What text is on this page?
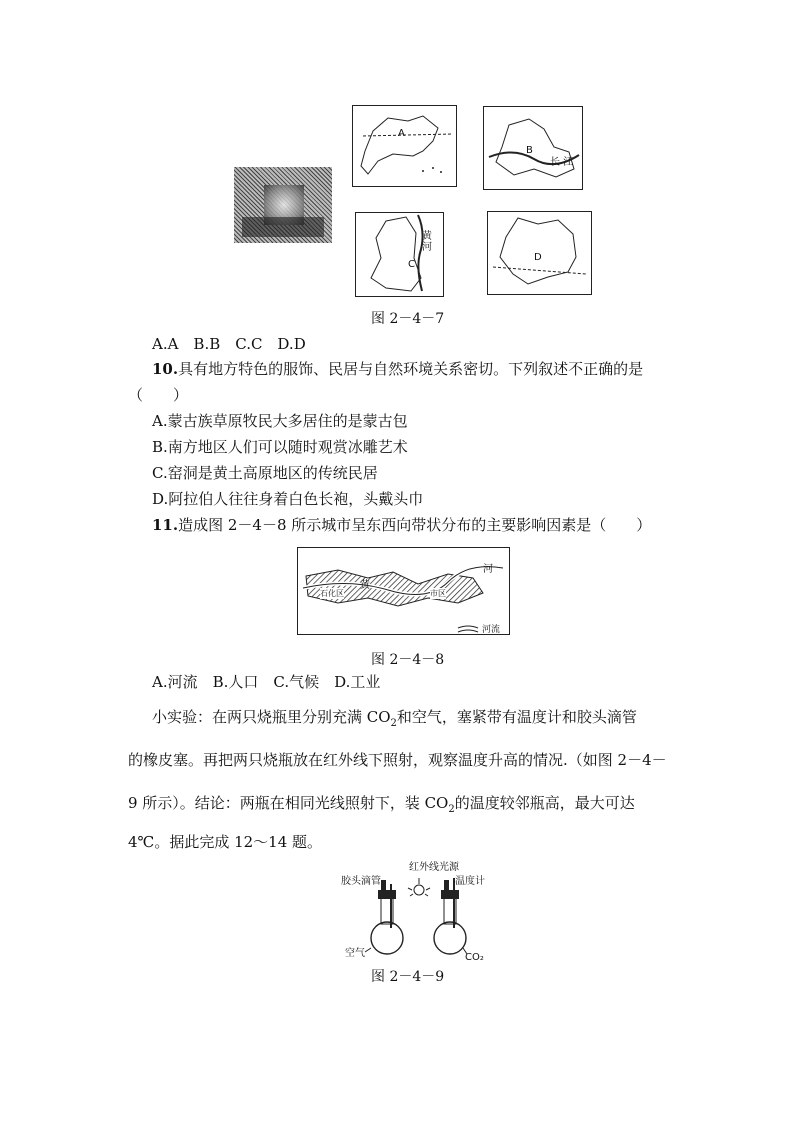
A
B
长 江
黄河
C
D
图 2－4－7
A.A　B.B　C.C　D.D
10.具有地方特色的服饰、民居与自然环境关系密切。下列叙述不正确的是
（　　）
A.蒙古族草原牧民大多居住的是蒙古包
B.南方地区人们可以随时观赏冰雕艺术
C.窑洞是黄土高原地区的传统民居
D.阿拉伯人往往身着白色长袍，头戴头巾
11.造成图 2－4－8 所示城市呈东西向带状分布的主要影响因素是（　　）
黄
河
石化区	市区
河流
图 2－4－8
A.河流　B.人口　C.气候　D.工业
小实验：在两只烧瓶里分别充满 $CO_2$和空气，塞紧带有温度计和胶头滴管
的橡皮塞。再把两只烧瓶放在红外线下照射，观察温度升高的情况.（如图 2－4－
9 所示）。结论：两瓶在相同光线照射下，装 $CO_2$的温度较邻瓶高，最大可达
4℃。据此完成 12～14 题。
胶头滴管
红外线光源
温度计
空气	CO₂
图 2－4－9
